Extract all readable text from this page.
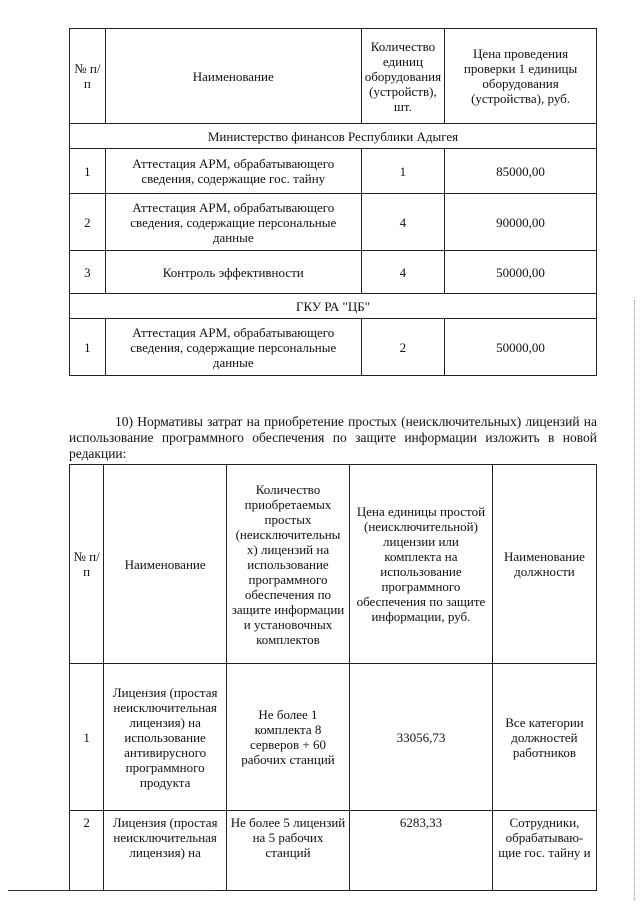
№ п/п	Наименование	Количество единиц оборудования (устройств), шт.	Цена проведения проверки 1 единицы оборудования (устройства), руб.
Министерство финансов Республики Адыгея			
1	Аттестация АРМ, обрабатывающего сведения, содержащие гос. тайну	1	85000,00
2	Аттестация АРМ, обрабатывающего сведения, содержащие персональные данные	4	90000,00
3	Контроль эффективности	4	50000,00
ГКУ РА "ЦБ"			
1	Аттестация АРМ, обрабатывающего сведения, содержащие персональные данные	2	50000,00

10) Нормативы затрат на приобретение простых (неисключительных) лицензий на использование программного обеспечения по защите информации изложить в новой редакции:

№ п/п	Наименование	Количество приобретаемых простых (неисключительны х) лицензий на использование программного обеспечения по защите информации и установочных комплектов	Цена единицы простой (неисключительной) лицензии или комплекта на использование программного обеспечения по защите информации, руб.	Наименование должности
1	Лицензия (простая неисключительная лицензия) на использование антивирусного программного продукта	Не более 1 комплекта 8 серверов + 60 рабочих станций	33056,73	Все категории должностей работников
2	Лицензия (простая неисключительная лицензия) на	Не более 5 лицензий на 5 рабочих станций	6283,33	Сотрудники, обрабатываю- щие гос. тайну и
